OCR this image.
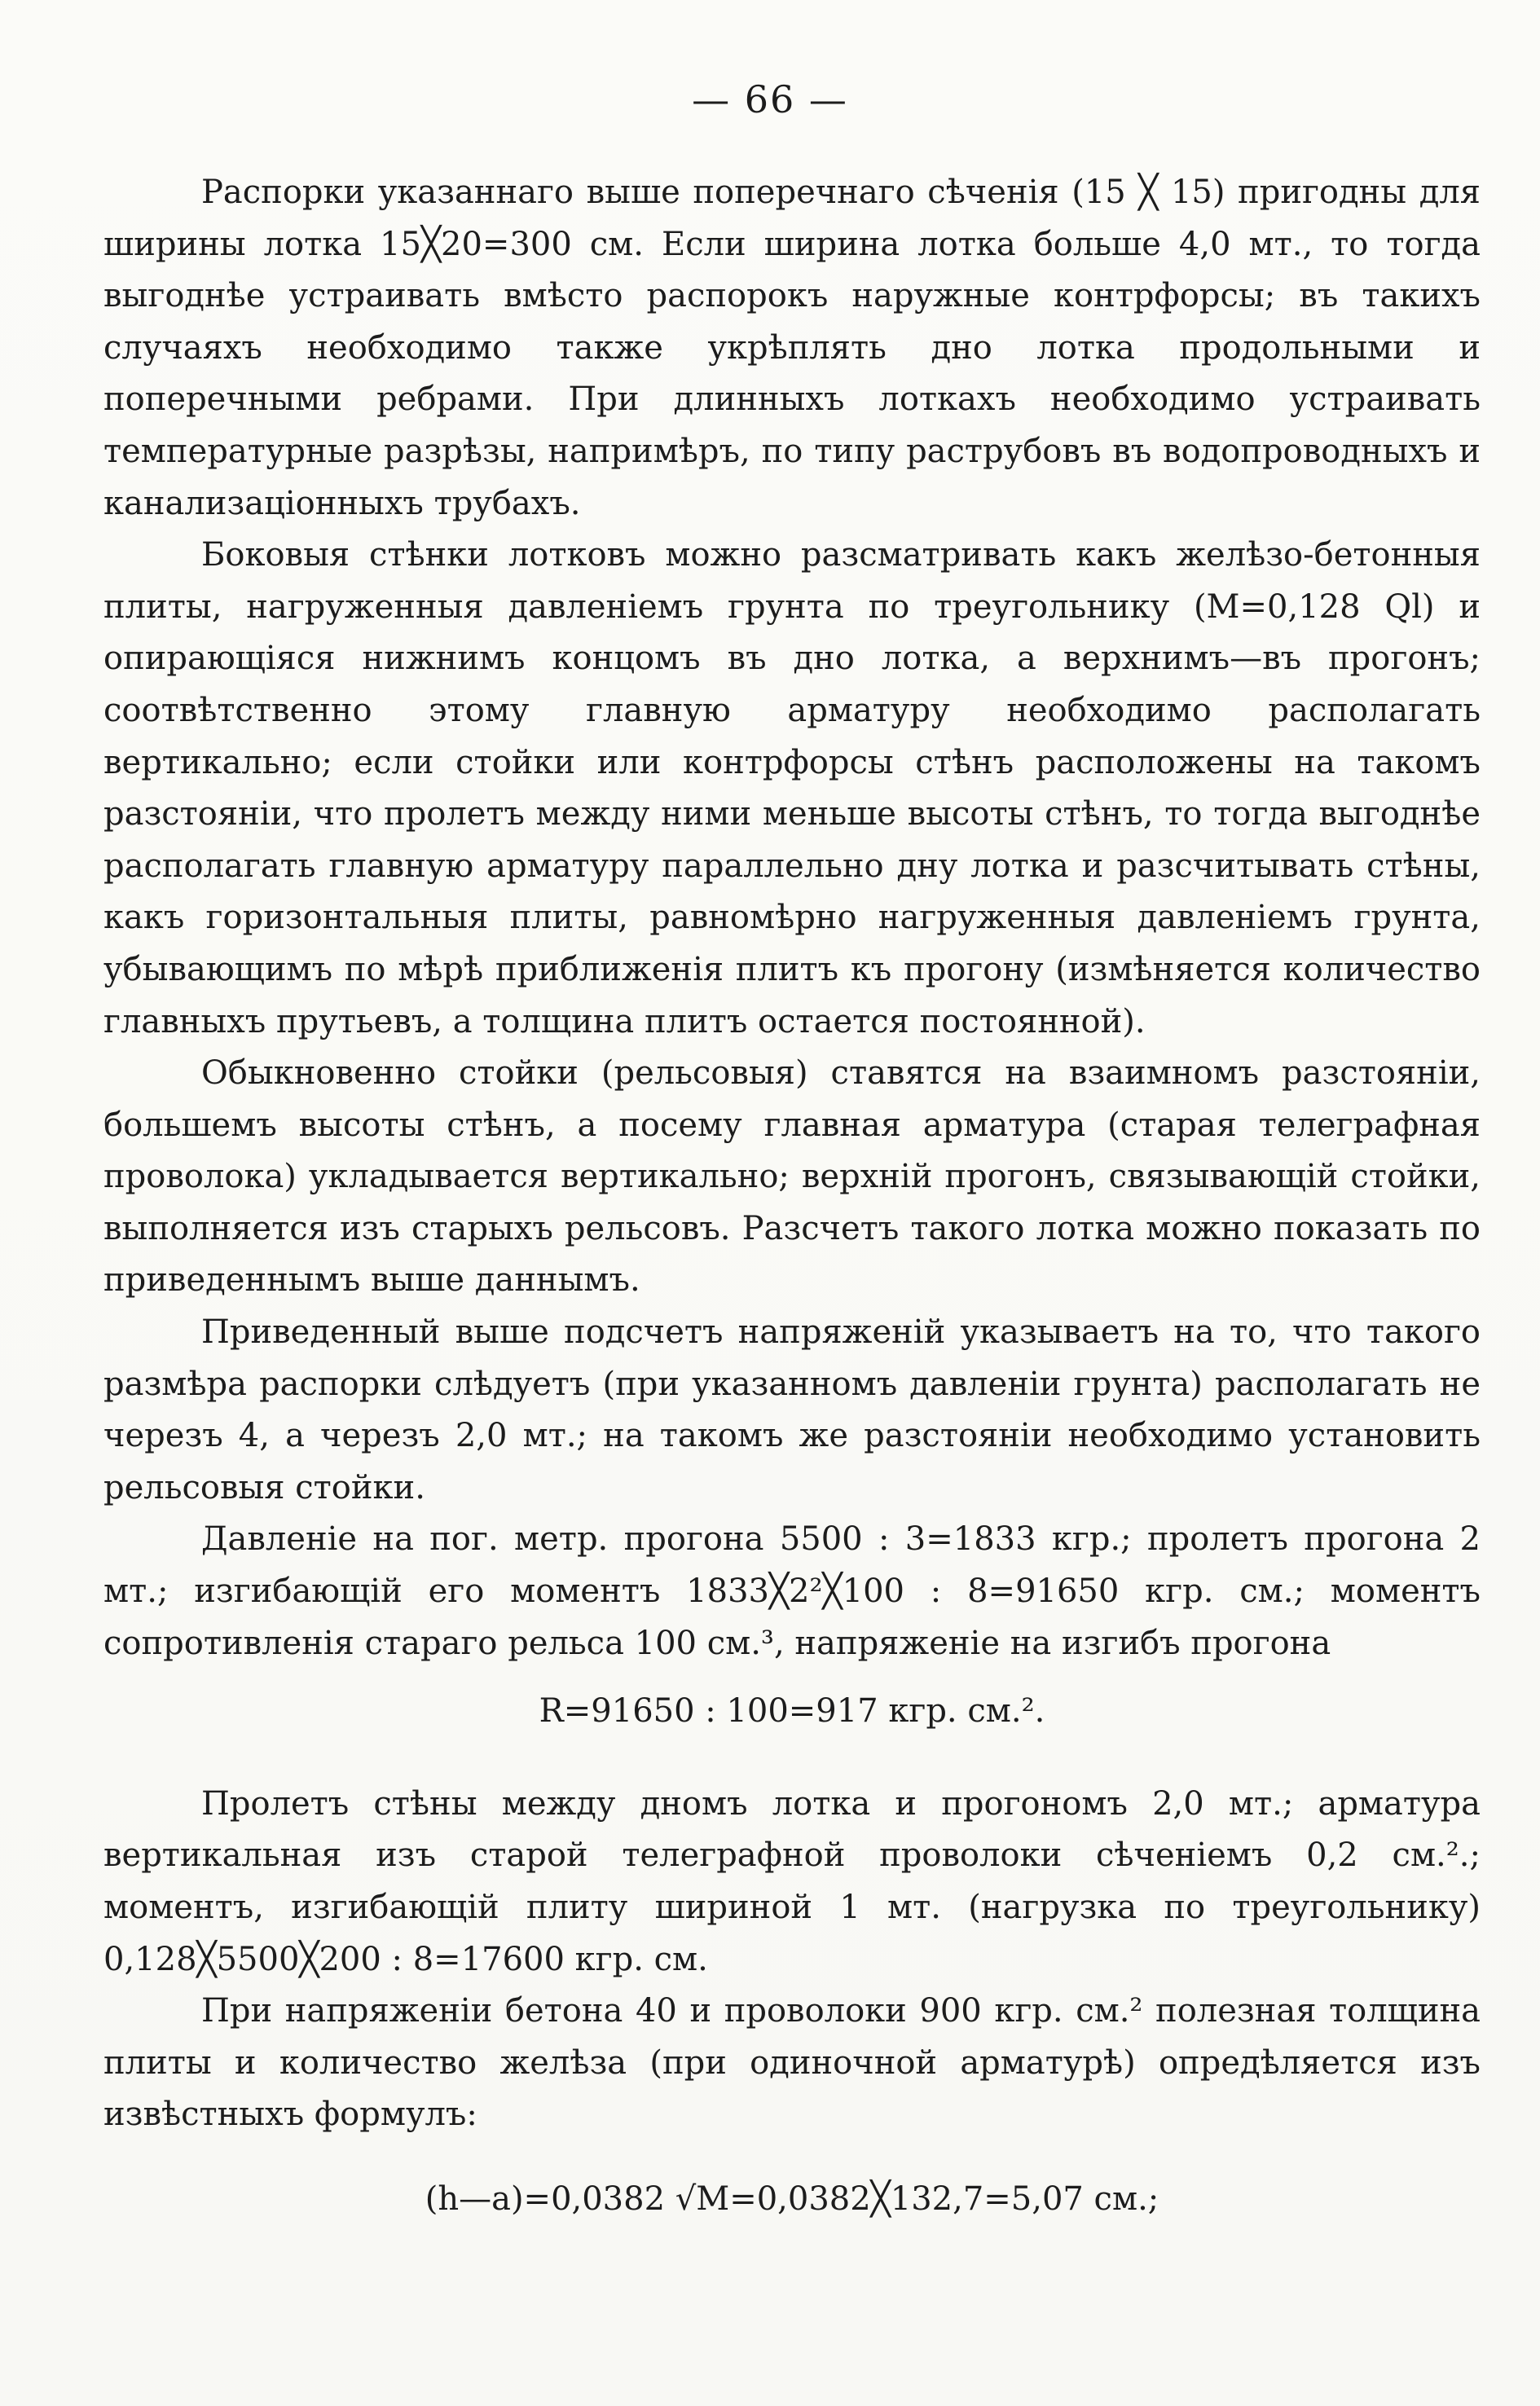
— 66 —

Распорки указаннаго выше поперечнаго сѣченія (15 ╳ 15) пригодны для ширины лотка 15╳20=300 см. Если ширина лотка больше 4,0 мт., то тогда выгоднѣе устраивать вмѣсто распорокъ наружные контрфорсы; въ такихъ случаяхъ необходимо также укрѣплять дно лотка продольными и поперечными ребрами. При длинныхъ лоткахъ необходимо устраивать температурные разрѣзы, напримѣръ, по типу раструбовъ въ водопроводныхъ и канализаціонныхъ трубахъ.

Боковыя стѣнки лотковъ можно разсматривать какъ желѣзо-бетонныя плиты, нагруженныя давленіемъ грунта по треугольнику (M=0,128 Ql) и опирающіяся нижнимъ концомъ въ дно лотка, а верхнимъ—въ прогонъ; соотвѣтственно этому главную арматуру необходимо располагать вертикально; если стойки или контрфорсы стѣнъ расположены на такомъ разстояніи, что пролетъ между ними меньше высоты стѣнъ, то тогда выгоднѣе располагать главную арматуру параллельно дну лотка и разсчитывать стѣны, какъ горизонтальныя плиты, равномѣрно нагруженныя давленіемъ грунта, убывающимъ по мѣрѣ приближенія плитъ къ прогону (измѣняется количество главныхъ прутьевъ, а толщина плитъ остается постоянной).

Обыкновенно стойки (рельсовыя) ставятся на взаимномъ разстояніи, большемъ высоты стѣнъ, а посему главная арматура (старая телеграфная проволока) укладывается вертикально; верхній прогонъ, связывающій стойки, выполняется изъ старыхъ рельсовъ. Разсчетъ такого лотка можно показать по приведеннымъ выше даннымъ.

Приведенный выше подсчетъ напряженій указываетъ на то, что такого размѣра распорки слѣдуетъ (при указанномъ давленіи грунта) располагать не черезъ 4, а черезъ 2,0 мт.; на такомъ же разстояніи необходимо установить рельсовыя стойки.

Давленіе на пог. метр. прогона 5500 : 3=1833 кгр.; пролетъ прогона 2 мт.; изгибающій его моментъ 1833╳2²╳100 : 8=91650 кгр. см.; моментъ сопротивленія стараго рельса 100 см.³, напряженіе на изгибъ прогона

R=91650 : 100=917 кгр. см.².

Пролетъ стѣны между дномъ лотка и прогономъ 2,0 мт.; арматура вертикальная изъ старой телеграфной проволоки сѣченіемъ 0,2 см.².; моментъ, изгибающій плиту шириной 1 мт. (нагрузка по треугольнику) 0,128╳5500╳200 : 8=17600 кгр. см.

При напряженіи бетона 40 и проволоки 900 кгр. см.² полезная толщина плиты и количество желѣза (при одиночной арматурѣ) опредѣляется изъ извѣстныхъ формулъ:

(h—a)=0,0382 √M=0,0382╳132,7=5,07 см.;
